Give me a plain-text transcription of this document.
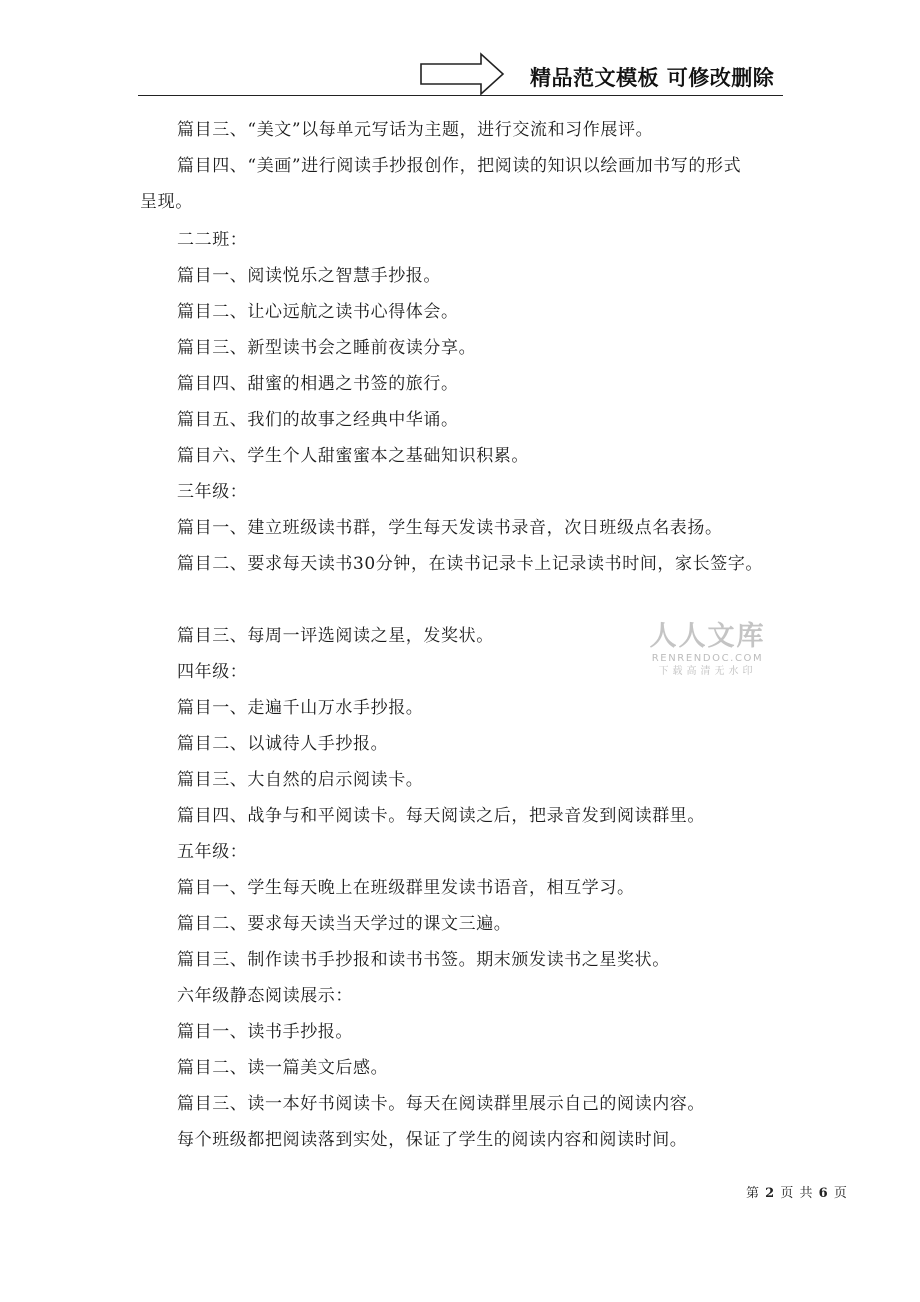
精品范文模板 可修改删除
篇目三、“美文”以每单元写话为主题，进行交流和习作展评。
篇目四、“美画”进行阅读手抄报创作，把阅读的知识以绘画加书写的形式
呈现。
二二班：
篇目一、阅读悦乐之智慧手抄报。
篇目二、让心远航之读书心得体会。
篇目三、新型读书会之睡前夜读分享。
篇目四、甜蜜的相遇之书签的旅行。
篇目五、我们的故事之经典中华诵。
篇目六、学生个人甜蜜蜜本之基础知识积累。
三年级：
篇目一、建立班级读书群，学生每天发读书录音，次日班级点名表扬。
篇目二、要求每天读书30分钟，在读书记录卡上记录读书时间，家长签字。
篇目三、每周一评选阅读之星，发奖状。
四年级：
篇目一、走遍千山万水手抄报。
篇目二、以诚待人手抄报。
篇目三、大自然的启示阅读卡。
篇目四、战争与和平阅读卡。每天阅读之后，把录音发到阅读群里。
五年级：
篇目一、学生每天晚上在班级群里发读书语音，相互学习。
篇目二、要求每天读当天学过的课文三遍。
篇目三、制作读书手抄报和读书书签。期末颁发读书之星奖状。
六年级静态阅读展示：
篇目一、读书手抄报。
篇目二、读一篇美文后感。
篇目三、读一本好书阅读卡。每天在阅读群里展示自己的阅读内容。
每个班级都把阅读落到实处，保证了学生的阅读内容和阅读时间。
人人文库
RENRENDOC.COM
下载高清无水印
第 2 页 共 6 页
